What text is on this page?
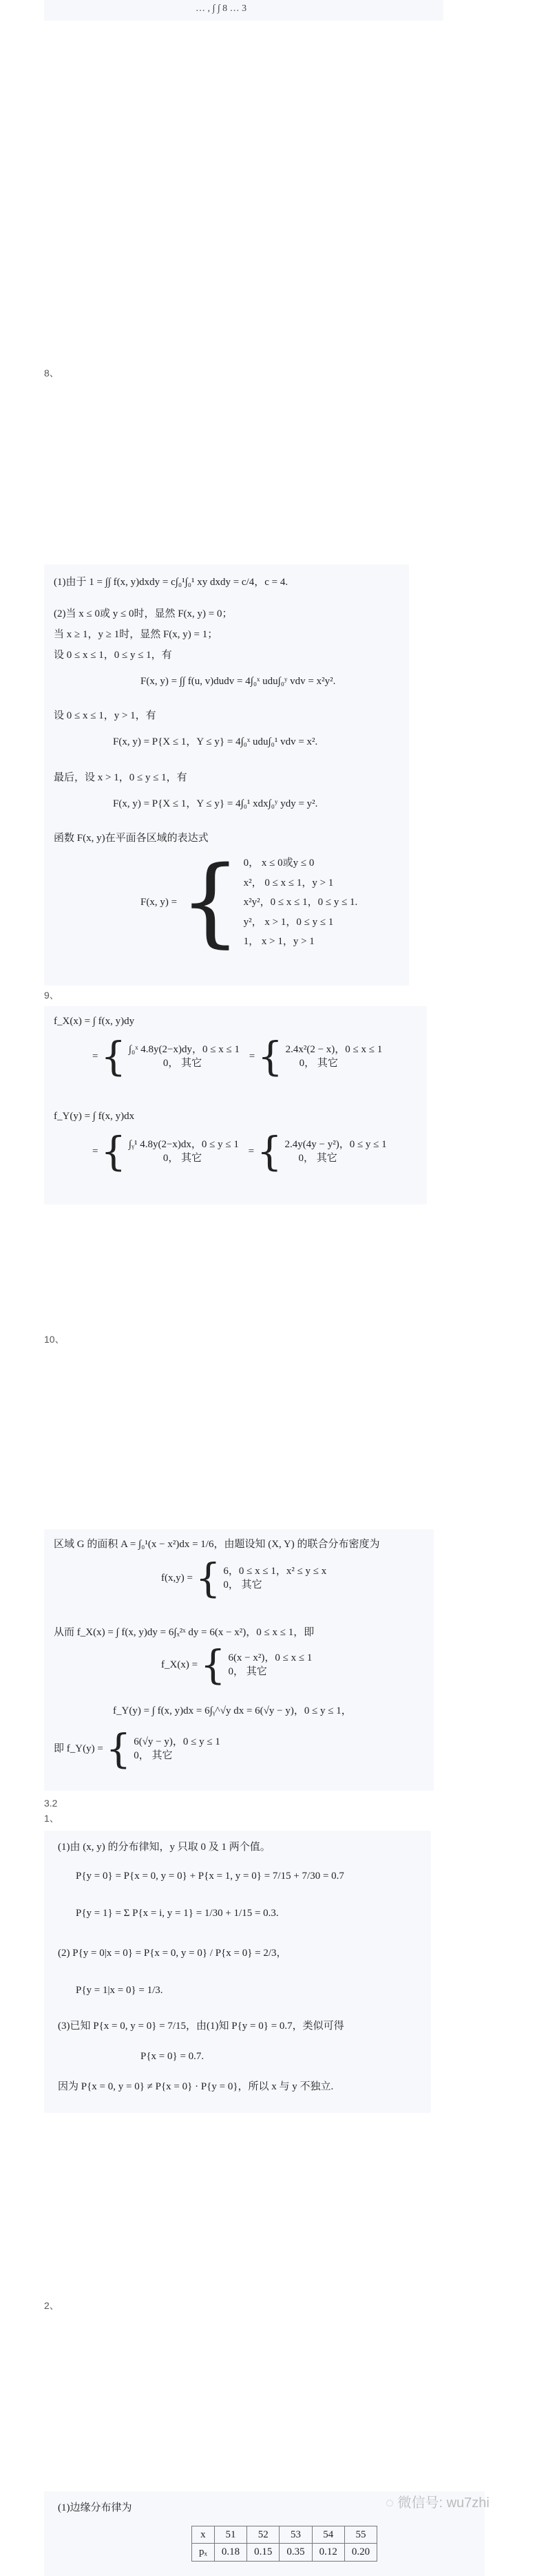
… , ∫ ∫ 8 … 3
8、
(1)由于 1 = ∫∫ f(x, y)dxdy = c∫₀¹∫₀¹ xy dxdy = c/4，c = 4.
(2)当 x ≤ 0或 y ≤ 0时，显然 F(x, y) = 0；
当 x ≥ 1，y ≥ 1时，显然 F(x, y) = 1；
设 0 ≤ x ≤ 1，0 ≤ y ≤ 1，有
F(x, y) = ∫∫ f(u, v)dudv = 4∫₀ˣ udu∫₀ʸ vdv = x²y².
设 0 ≤ x ≤ 1，y > 1，有
F(x, y) = P{X ≤ 1，Y ≤ y} = 4∫₀ˣ udu∫₀¹ vdv = x².
最后，设 x > 1，0 ≤ y ≤ 1，有
F(x, y) = P{X ≤ 1，Y ≤ y} = 4∫₀¹ xdx∫₀ʸ ydy = y².
函数 F(x, y)在平面各区域的表达式
F(x, y) = { 0， x ≤ 0或y ≤ 0
x²， 0 ≤ x ≤ 1，y > 1
x²y²，0 ≤ x ≤ 1，0 ≤ y ≤ 1.
y²， x > 1，0 ≤ y ≤ 1
1， x > 1，y > 1
9、
f_X(x) = ∫ f(x, y)dy
= { ∫₀ˣ 4.8y(2−x)dy，0 ≤ x ≤ 1
0， 其它
= { 2.4x²(2 − x)，0 ≤ x ≤ 1
0， 其它
f_Y(y) = ∫ f(x, y)dx
= { ∫ᵧ¹ 4.8y(2−x)dx，0 ≤ y ≤ 1
0， 其它
= { 2.4y(4y − y²)，0 ≤ y ≤ 1
0， 其它
10、
区域 G 的面积 A = ∫₀¹(x − x²)dx = 1/6，由题设知 (X, Y) 的联合分布密度为
f(x,y) = { 6，0 ≤ x ≤ 1，x² ≤ y ≤ x
0， 其它
从而 f_X(x) = ∫ f(x, y)dy = 6∫ₓ²ˣ dy = 6(x − x²)，0 ≤ x ≤ 1，即
f_X(x) = { 6(x − x²)，0 ≤ x ≤ 1
0， 其它
f_Y(y) = ∫ f(x, y)dx = 6∫ᵧ^√y dx = 6(√y − y)，0 ≤ y ≤ 1，
即 f_Y(y) = { 6(√y − y)，0 ≤ y ≤ 1
0， 其它
3.2
1、
(1)由 (x, y) 的分布律知，y 只取 0 及 1 两个值。
P{y = 0} = P{x = 0, y = 0} + P{x = 1, y = 0} = 7/15 + 7/30 = 0.7
P{y = 1} = Σ P{x = i, y = 1} = 1/30 + 1/15 = 0.3.
(2) P{y = 0|x = 0} = P{x = 0, y = 0} / P{x = 0} = 2/3，
P{y = 1|x = 0} = 1/3.
(3)已知 P{x = 0, y = 0} = 7/15，由(1)知 P{y = 0} = 0.7，类似可得
P{x = 0} = 0.7.
因为 P{x = 0, y = 0} ≠ P{x = 0} · P{y = 0}，所以 x 与 y 不独立.
2、
(1)边缘分布律为
x	51	52	53	54	55
pₓ	0.18	0.15	0.35	0.12	0.20
◌ 微信号: wu7zhi
